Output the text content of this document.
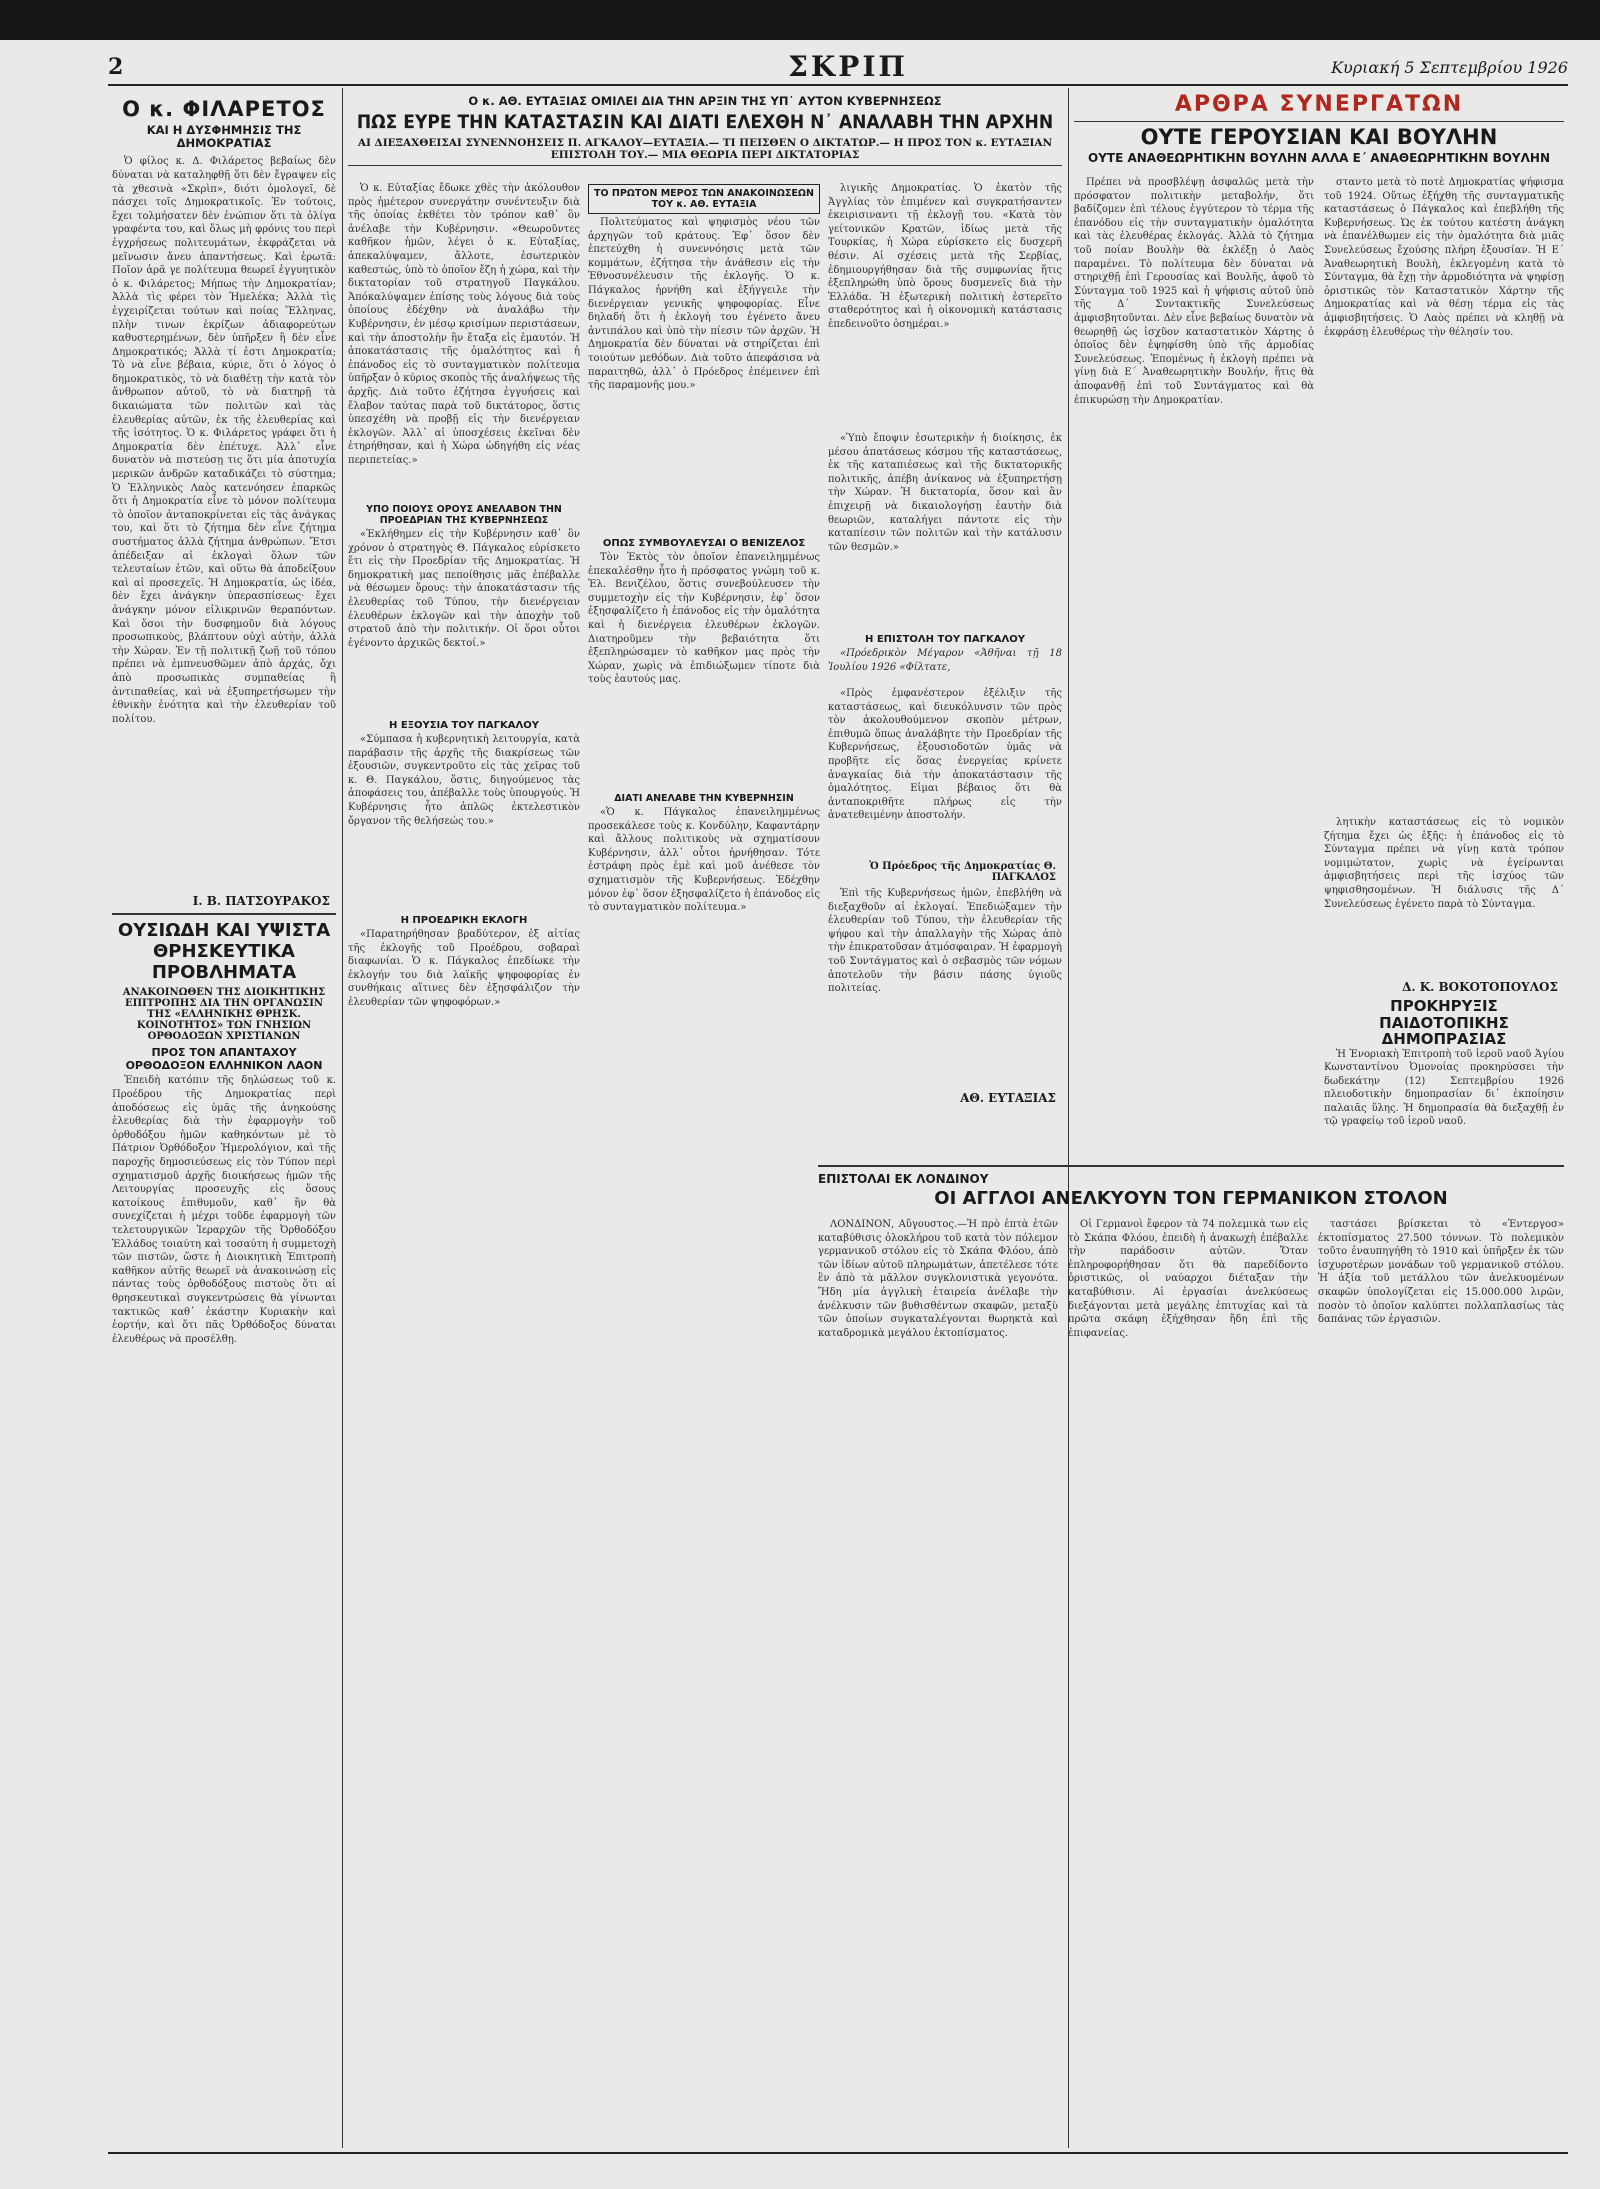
2	ΣΚΡΙΠ	Κυριακή 5 Σεπτεμβρίου 1926
Ο κ. ΦΙΛΑΡΕΤΟΣ
ΚΑΙ Η ΔΥΣΦΗΜΗΣΙΣ ΤΗΣ ΔΗΜΟΚΡΑΤΙΑΣ
Ὁ φίλος κ. Δ. Φιλάρετος βεβαίως δὲν δύναται νὰ καταληφθῇ ὅτι δὲν ἔγραψεν εἰς τὰ χθεσινὰ «Σκρὶπ», διότι ὁμολογεῖ, δὲ πάσχει τοῖς Δημοκρατικοῖς. Ἐν τούτοις, ἔχει τολμήσατεν δὲν ἐνώπιον ὅτι τὰ ὀλίγα γραφέντα του, καὶ ὅλως μὴ φρόνις του περὶ ἐγχρήσεως πολιτευμάτων, ἐκφράζεται νὰ μεῖνωσιν ἄνευ ἀπαντήσεως. Καὶ ἐρωτᾶ: Ποῖον ἀρᾶ γε πολίτευμα θεωρεῖ ἐγγυητικὸν ὁ κ. Φιλάρετος; Μήπως τὴν Δημοκρατίαν; Ἀλλὰ τὶς φέρει τὸν Ἡμελέκα; Ἀλλὰ τὶς ἐγχειρίζεται τούτων καὶ ποίας Ἕλληνας, πλὴν τινων ἐκρίζων ἀδιαφορεύτων καθυστερημένων, δὲν ὑπῆρξεν ἢ δὲν εἶνε Δημοκρατικός; Ἀλλὰ τί ἐστι Δημοκρατία; Τὸ νὰ εἶνε βέβαια, κύριε, ὅτι ὁ λόγος ὁ δημοκρατικὸς, τὸ νὰ διαθέτῃ τὴν κατὰ τὸν ἄνθρωπον αὐτοῦ, τὸ νὰ διατηρῇ τὰ δικαιώματα τῶν πολιτῶν καὶ τὰς ἐλευθερίας αὐτῶν, ἐκ τῆς ἐλευθερίας καὶ τῆς ἰσότητος. Ὁ κ. Φιλάρετος γράφει ὅτι ἡ Δημοκρατία δὲν ἐπέτυχε. Ἀλλ᾽ εἶνε δυνατὸν νὰ πιστεύσῃ τις ὅτι μία ἀποτυχία μερικῶν ἀνδρῶν καταδικάζει τὸ σύστημα; Ὁ Ἑλληνικὸς Λαὸς κατενόησεν ἐπαρκῶς ὅτι ἡ Δημοκρατία εἶνε τὸ μόνον πολίτευμα τὸ ὁποῖον ἀνταποκρίνεται εἰς τὰς ἀνάγκας του, καὶ ὅτι τὸ ζήτημα δὲν εἶνε ζήτημα συστήματος ἀλλὰ ζήτημα ἀνθρώπων. Ἔτσι ἀπέδειξαν αἱ ἐκλογαὶ ὅλων τῶν τελευταίων ἐτῶν, καὶ οὕτω θὰ ἀποδείξουν καὶ αἱ προσεχεῖς. Ἡ Δημοκρατία, ὡς ἰδέα, δὲν ἔχει ἀνάγκην ὑπερασπίσεως· ἔχει ἀνάγκην μόνον εἰλικρινῶν θεραπόντων. Καὶ ὅσοι τὴν δυσφημοῦν διὰ λόγους προσωπικοὺς, βλάπτουν οὐχὶ αὐτὴν, ἀλλὰ τὴν Χώραν. Ἐν τῇ πολιτικῇ ζωῇ τοῦ τόπου πρέπει νὰ ἐμπνευσθῶμεν ἀπὸ ἀρχάς, ὄχι ἀπὸ προσωπικὰς συμπαθείας ἢ ἀντιπαθείας, καὶ νὰ ἐξυπηρετήσωμεν τὴν ἐθνικὴν ἑνότητα καὶ τὴν ἐλευθερίαν τοῦ πολίτου.
Ι. Β. ΠΑΤΣΟΥΡΑΚΟΣ
ΟΥΣΙΩΔΗ ΚΑΙ ΥΨΙΣΤΑ ΘΡΗΣΚΕΥΤΙΚΑ ΠΡΟΒΛΗΜΑΤΑ
ΑΝΑΚΟΙΝΩΘΕΝ ΤΗΣ ΔΙΟΙΚΗΤΙΚΗΣ ΕΠΙΤΡΟΠΗΣ ΔΙΑ ΤΗΝ ΟΡΓΑΝΩΣΙΝ ΤΗΣ «ΕΛΛΗΝΙΚΗΣ ΘΡΗΣΚ. ΚΟΙΝΟΤΗΤΟΣ» ΤΩΝ ΓΝΗΣΙΩΝ ΟΡΘΟΔΟΞΩΝ ΧΡΙΣΤΙΑΝΩΝ
ΠΡΟΣ ΤΟΝ ΑΠΑΝΤΑΧΟΥ ΟΡΘΟΔΟΞΟΝ ΕΛΛΗΝΙΚΟΝ ΛΑΟΝ
Ἐπειδὴ κατόπιν τῆς δηλώσεως τοῦ κ. Προέδρου τῆς Δημοκρατίας περὶ ἀποδόσεως εἰς ὑμᾶς τῆς ἀνηκούσης ἐλευθερίας διὰ τὴν ἐφαρμογὴν τοῦ ὀρθοδόξου ἡμῶν καθηκόντων μὲ τὸ Πάτριον Ὀρθόδοξον Ἡμερολόγιον, καὶ τῆς παροχῆς δημοσιεύσεως εἰς τὸν Τύπον περὶ σχηματισμοῦ ἀρχῆς διοικήσεως ἡμῶν τῆς Λειτουργίας προσευχῆς εἰς ὅσους κατοίκους ἐπιθυμοῦν, καθ᾽ ἣν θὰ συνεχίζεται ἡ μέχρι τοῦδε ἐφαρμογὴ τῶν τελετουργικῶν Ἱεραρχῶν τῆς Ὀρθοδόξου Ἑλλάδος τοιαύτη καὶ τοσαύτη ἡ συμμετοχὴ τῶν πιστῶν, ὥστε ἡ Διοικητικὴ Ἐπιτροπὴ καθῆκον αὐτῆς θεωρεῖ νὰ ἀνακοινώσῃ εἰς πάντας τοὺς ὀρθοδόξους πιστοὺς ὅτι αἱ θρησκευτικαὶ συγκεντρώσεις θὰ γίνωνται τακτικῶς καθ᾽ ἑκάστην Κυριακὴν καὶ ἑορτήν, καὶ ὅτι πᾶς Ὀρθόδοξος δύναται ἐλευθέρως νὰ προσέλθῃ.
Ο κ. ΑΘ. ΕΥΤΑΞΙΑΣ ΟΜΙΛΕΙ ΔΙΑ ΤΗΝ ΑΡΞΙΝ ΤΗΣ ΥΠ᾽ ΑΥΤΟΝ ΚΥΒΕΡΝΗΣΕΩΣ
ΠΩΣ ΕΥΡΕ ΤΗΝ ΚΑΤΑΣΤΑΣΙΝ ΚΑΙ ΔΙΑΤΙ ΕΛΕΧΘΗ Ν᾽ ΑΝΑΛΑΒΗ ΤΗΝ ΑΡΧΗΝ
ΑΙ ΔΙΕΞΑΧΘΕΙΣΑΙ ΣΥΝΕΝΝΟΗΣΕΙΣ Π. ΑΓΚΑΛΟΥ—ΕΥΤΑΞΙΑ.— ΤΙ ΠΕΙΣΘΕΝ Ο ΔΙΚΤΑΤΩΡ.— Η ΠΡΟΣ ΤΟΝ κ. ΕΥΤΑΞΙΑΝ ΕΠΙΣΤΟΛΗ ΤΟΥ.— ΜΙΑ ΘΕΩΡΙΑ ΠΕΡΙ ΔΙΚΤΑΤΟΡΙΑΣ
Ὁ κ. Εὐταξίας ἔδωκε χθὲς τὴν ἀκόλουθον πρὸς ἡμέτερον συνεργάτην συνέντευξιν διὰ τῆς ὁποίας ἐκθέτει τὸν τρόπον καθ᾽ ὃν ἀνέλαβε τὴν Κυβέρνησιν. «Θεωροῦντες καθῆκον ἡμῶν, λέγει ὁ κ. Εὐταξίας, ἀπεκαλύψαμεν, ἄλλοτε, ἐσωτερικὸν καθεστώς, ὑπὸ τὸ ὁποῖον ἔζη ἡ χώρα, καὶ τὴν δικτατορίαν τοῦ στρατηγοῦ Παγκάλου. Ἀπόκαλύψαμεν ἐπίσης τοὺς λόγους διὰ τοὺς ὁποίους ἐδέχθην νὰ ἀναλάβω τὴν Κυβέρνησιν, ἐν μέσῳ κρισίμων περιστάσεων, καὶ τὴν ἀποστολὴν ἣν ἔταξα εἰς ἐμαυτόν. Ἡ ἀποκατάστασις τῆς ὁμαλότητος καὶ ἡ ἐπάνοδος εἰς τὸ συνταγματικὸν πολίτευμα ὑπῆρξαν ὁ κύριος σκοπὸς τῆς ἀναλήψεως τῆς ἀρχῆς. Διὰ τοῦτο ἐζήτησα ἐγγυήσεις καὶ ἔλαβον ταύτας παρὰ τοῦ δικτάτορος, ὅστις ὑπεσχέθη νὰ προβῇ εἰς τὴν διενέργειαν ἐκλογῶν. Ἀλλ᾽ αἱ ὑποσχέσεις ἐκεῖναι δὲν ἐτηρήθησαν, καὶ ἡ Χώρα ὡδηγήθη εἰς νέας περιπετείας.»
ΥΠΟ ΠΟΙΟΥΣ ΟΡΟΥΣ ΑΝΕΛΑΒΟΝ ΤΗΝ ΠΡΟΕΔΡΙΑΝ ΤΗΣ ΚΥΒΕΡΝΗΣΕΩΣ
«Ἐκλήθημεν εἰς τὴν Κυβέρνησιν καθ᾽ ὃν χρόνον ὁ στρατηγὸς Θ. Πάγκαλος εὑρίσκετο ἔτι εἰς τὴν Προεδρίαν τῆς Δημοκρατίας. Ἡ δημοκρατικὴ μας πεποίθησις μᾶς ἐπέβαλλε νὰ θέσωμεν ὅρους: τὴν ἀποκατάστασιν τῆς ἐλευθερίας τοῦ Τύπου, τὴν διενέργειαν ἐλευθέρων ἐκλογῶν καὶ τὴν ἀποχὴν τοῦ στρατοῦ ἀπὸ τὴν πολιτικήν. Οἱ ὅροι οὗτοι ἐγένοντο ἀρχικῶς δεκτοί.»
Η ΕΞΟΥΣΙΑ ΤΟΥ ΠΑΓΚΑΛΟΥ
«Σύμπασα ἡ κυβερνητικὴ λειτουργία, κατὰ παράβασιν τῆς ἀρχῆς τῆς διακρίσεως τῶν ἐξουσιῶν, συγκεντροῦτο εἰς τὰς χεῖρας τοῦ κ. Θ. Παγκάλου, ὅστις, διηγούμενος τὰς ἀποφάσεις του, ἀπέβαλλε τοὺς ὑπουργούς. Ἡ Κυβέρνησις ἦτο ἁπλῶς ἐκτελεστικὸν ὄργανον τῆς θελήσεώς του.»
Η ΠΡΟΕΔΡΙΚΗ ΕΚΛΟΓΗ
«Παρατηρήθησαν βραδύτερον, ἐξ αἰτίας τῆς ἐκλογῆς τοῦ Προέδρου, σοβαραὶ διαφωνίαι. Ὁ κ. Πάγκαλος ἐπεδίωκε τὴν ἐκλογήν του διὰ λαϊκῆς ψηφοφορίας ἐν συνθήκαις αἵτινες δὲν ἐξησφάλιζον τὴν ἐλευθερίαν τῶν ψηφοφόρων.»
ΤΟ ΠΡΩΤΟΝ ΜΕΡΟΣ ΤΩΝ ΑΝΑΚΟΙΝΩΣΕΩΝ ΤΟΥ κ. ΑΘ. ΕΥΤΑΞΙΑ
Πολιτεύματος καὶ ψηφισμὸς νέου τῶν ἀρχηγῶν τοῦ κράτους. Ἐφ᾽ ὅσον δὲν ἐπετεύχθη ἡ συνεννόησις μετὰ τῶν κομμάτων, ἐζήτησα τὴν ἀνάθεσιν εἰς τὴν Ἐθνοσυνέλευσιν τῆς ἐκλογῆς. Ὁ κ. Πάγκαλος ἠρνήθη καὶ ἐξήγγειλε τὴν διενέργειαν γενικῆς ψηφοφορίας. Εἶνε δηλαδή ὅτι ἡ ἐκλογὴ του ἐγένετο ἄνευ ἀντιπάλου καὶ ὑπὸ τὴν πίεσιν τῶν ἀρχῶν. Ἡ Δημοκρατία δὲν δύναται νὰ στηρίζεται ἐπὶ τοιούτων μεθόδων. Διὰ τοῦτο ἀπεφάσισα νὰ παραιτηθῶ, ἀλλ᾽ ὁ Πρόεδρος ἐπέμεινεν ἐπὶ τῆς παραμονῆς μου.»
ΟΠΩΣ ΣΥΜΒΟΥΛΕΥΣΑΙ Ο ΒΕΝΙΖΕΛΟΣ
Τὸν Ἐκτὸς τὸν ὁποῖον ἐπανειλημμένως ἐπεκαλέσθην ἦτο ἡ πρόσφατος γνώμη τοῦ κ. Ἐλ. Βενιζέλου, ὅστις συνεβούλευσεν τὴν συμμετοχὴν εἰς τὴν Κυβέρνησιν, ἐφ᾽ ὅσον ἐξησφαλίζετο ἡ ἐπάνοδος εἰς τὴν ὁμαλότητα καὶ ἡ διενέργεια ἐλευθέρων ἐκλογῶν. Διατηροῦμεν τὴν βεβαιότητα ὅτι ἐξεπληρώσαμεν τὸ καθῆκον μας πρὸς τὴν Χώραν, χωρὶς νὰ ἐπιδιώξωμεν τίποτε διὰ τοὺς ἑαυτούς μας.
ΔΙΑΤΙ ΑΝΕΛΑΒΕ ΤΗΝ ΚΥΒΕΡΝΗΣΙΝ
«Ὁ κ. Πάγκαλος ἐπανειλημμένως προσεκάλεσε τοὺς κ. Κονδύλην, Καφαντάρην καὶ ἄλλους πολιτικοὺς νὰ σχηματίσουν Κυβέρνησιν, ἀλλ᾽ οὗτοι ἠρνήθησαν. Τότε ἐστράφη πρὸς ἐμὲ καὶ μοῦ ἀνέθεσε τὸν σχηματισμὸν τῆς Κυβερνήσεως. Ἐδέχθην μόνον ἐφ᾽ ὅσον ἐξησφαλίζετο ἡ ἐπάνοδος εἰς τὸ συνταγματικὸν πολίτευμα.»
λιγικῆς Δημοκρατίας. Ὁ ἑκατὸν τῆς Ἀγγλίας τὸν ἐπιμένεν καὶ συγκρατήσαντεν ἐκειρισιναντι τῇ ἐκλογῇ του. «Κατὰ τὸν γείτονικῶν Κρατῶν, ἰδίως μετὰ τῆς Τουρκίας, ἡ Χώρα εὑρίσκετο εἰς δυσχερῆ θέσιν. Αἱ σχέσεις μετὰ τῆς Σερβίας, ἐδημιουργήθησαν διὰ τῆς συμφωνίας ἥτις ἐξεπληρώθη ὑπὸ ὅρους δυσμενεῖς διὰ τὴν Ἑλλάδα. Ἡ ἐξωτερικὴ πολιτικὴ ἐστερεῖτο σταθερότητος καὶ ἡ οἰκονομικὴ κατάστασις ἐπεδεινοῦτο ὁσημέραι.»
«Ὑπὸ ἔποψιν ἐσωτερικὴν ἡ διοίκησις, ἐκ μέσου ἀπατάσεως κόσμου τῆς καταστάσεως, ἐκ τῆς καταπιέσεως καὶ τῆς δικτατορικῆς πολιτικῆς, ἀπέβη ἀνίκανος νὰ ἐξυπηρετήσῃ τὴν Χώραν. Ἡ δικτατορία, ὅσον καὶ ἂν ἐπιχειρῇ νὰ δικαιολογήσῃ ἑαυτὴν διὰ θεωριῶν, καταλήγει πάντοτε εἰς τὴν καταπίεσιν τῶν πολιτῶν καὶ τὴν κατάλυσιν τῶν θεσμῶν.»
Η ΕΠΙΣΤΟΛΗ ΤΟΥ ΠΑΓΚΑΛΟΥ
«Πρόεδρικὸν Μέγαρον «Ἀθῆναι τῇ 18 Ἰουλίου 1926 «Φίλτατε,
«Πρὸς ἐμφανέστερον ἐξέλιξιν τῆς καταστάσεως, καὶ διευκόλυνσιν τῶν πρὸς τὸν ἀκολουθούμενον σκοπὸν μέτρων, ἐπιθυμῶ ὅπως ἀναλάβητε τὴν Προεδρίαν τῆς Κυβερνήσεως, ἐξουσιοδοτῶν ὑμᾶς νὰ προβῆτε εἰς ὅσας ἐνεργείας κρίνετε ἀναγκαίας διὰ τὴν ἀποκατάστασιν τῆς ὁμαλότητος. Εἰμαι βέβαιος ὅτι θὰ ἀνταποκριθῆτε πλήρως εἰς τὴν ἀνατεθειμένην ἀποστολήν.
Ὁ Πρόεδρος τῆς Δημοκρατίας Θ. ΠΑΓΚΑΛΟΣ
Ἐπὶ τῆς Κυβερνήσεως ἡμῶν, ἐπεβλήθη νὰ διεξαχθοῦν αἱ ἐκλογαί. Ἐπεδιώξαμεν τὴν ἐλευθερίαν τοῦ Τύπου, τὴν ἐλευθερίαν τῆς ψήφου καὶ τὴν ἀπαλλαγὴν τῆς Χώρας ἀπὸ τὴν ἐπικρατοῦσαν ἀτμόσφαιραν. Ἡ ἐφαρμογὴ τοῦ Συντάγματος καὶ ὁ σεβασμὸς τῶν νόμων ἀποτελοῦν τὴν βάσιν πάσης ὑγιοῦς πολιτείας.
ΑΘ. ΕΥΤΑΞΙΑΣ
ΑΡΘΡΑ ΣΥΝΕΡΓΑΤΩΝ
ΟΥΤΕ ΓΕΡΟΥΣΙΑΝ ΚΑΙ ΒΟΥΛΗΝ
ΟΥΤΕ ΑΝΑΘΕΩΡΗΤΙΚΗΝ ΒΟΥΛΗΝ ΑΛΛΑ Ε΄ ΑΝΑΘΕΩΡΗΤΙΚΗΝ ΒΟΥΛΗΝ
Πρέπει νὰ προσβλέψῃ ἀσφαλῶς μετὰ τὴν πρόσφατον πολιτικὴν μεταβολήν, ὅτι βαδίζομεν ἐπὶ τέλους ἐγγύτερον τὸ τέρμα τῆς ἐπανόδου εἰς τὴν συνταγματικὴν ὁμαλότητα καὶ τὰς ἐλευθέρας ἐκλογάς. Ἀλλὰ τὸ ζήτημα τοῦ ποίαν Βουλὴν θὰ ἐκλέξῃ ὁ Λαὸς παραμένει. Τὸ πολίτευμα δὲν δύναται νὰ στηριχθῇ ἐπὶ Γερουσίας καὶ Βουλῆς, ἀφοῦ τὸ Σύνταγμα τοῦ 1925 καὶ ἡ ψήφισις αὐτοῦ ὑπὸ τῆς Δ΄ Συντακτικῆς Συνελεύσεως ἀμφισβητοῦνται. Δὲν εἶνε βεβαίως δυνατὸν νὰ θεωρηθῇ ὡς ἰσχῦον καταστατικὸν Χάρτης ὁ ὁποῖος δὲν ἐψηφίσθη ὑπὸ τῆς ἀρμοδίας Συνελεύσεως. Ἐπομένως ἡ ἐκλογὴ πρέπει νὰ γίνῃ διὰ Ε΄ Ἀναθεωρητικὴν Βουλήν, ἥτις θὰ ἀποφανθῇ ἐπὶ τοῦ Συντάγματος καὶ θὰ ἐπικυρώσῃ τὴν Δημοκρατίαν.
σταντο μετὰ τὸ ποτὲ Δημοκρατίας ψήφισμα τοῦ 1924. Οὕτως ἐξήχθη τῆς συνταγματικῆς καταστάσεως ὁ Πάγκαλος καὶ ἐπεβλήθη τῆς Κυβερνήσεως. Ὡς ἐκ τούτου κατέστη ἀνάγκη νὰ ἐπανέλθωμεν εἰς τὴν ὁμαλότητα διὰ μιᾶς Συνελεύσεως ἔχούσης πλήρη ἐξουσίαν. Ἡ Ε΄ Ἀναθεωρητικὴ Βουλὴ, ἐκλεγομένη κατὰ τὸ Σύνταγμα, θὰ ἔχῃ τὴν ἁρμοδιότητα νὰ ψηφίσῃ ὁριστικῶς τὸν Καταστατικὸν Χάρτην τῆς Δημοκρατίας καὶ νὰ θέσῃ τέρμα εἰς τὰς ἀμφισβητήσεις. Ὁ Λαὸς πρέπει νὰ κληθῇ νὰ ἐκφράσῃ ἐλευθέρως τὴν θέλησίν του.
λητικὴν καταστάσεως εἰς τὸ νομικὸν ζήτημα ἔχει ὡς ἑξῆς: ἡ ἐπάνοδος εἰς τὸ Σύνταγμα πρέπει νὰ γίνῃ κατὰ τρόπον νομιμώτατον, χωρὶς νὰ ἐγείρωνται ἀμφισβητήσεις περὶ τῆς ἰσχύος τῶν ψηφισθησομένων. Ἡ διάλυσις τῆς Δ΄ Συνελεύσεως ἐγένετο παρὰ τὸ Σύνταγμα.
Δ. Κ. ΒΟΚΟΤΟΠΟΥΛΟΣ
ΠΡΟΚΗΡΥΞΙΣ ΠΑΙΔΟΤΟΠΙΚΗΣ ΔΗΜΟΠΡΑΣΙΑΣ
Ἡ Ἐνοριακὴ Ἐπιτροπὴ τοῦ ἱεροῦ ναοῦ Ἁγίου Κωνσταντίνου Ὀμονοίας προκηρύσσει τὴν δωδεκάτην (12) Σεπτεμβρίου 1926 πλειοδοτικὴν δημοπρασίαν δι᾽ ἐκποίησιν παλαιᾶς ὕλης. Ἡ δημοπρασία θὰ διεξαχθῇ ἐν τῷ γραφείῳ τοῦ ἱεροῦ ναοῦ.
ΕΠΙΣΤΟΛΑΙ ΕΚ ΛΟΝΔΙΝΟΥ
ΟΙ ΑΓΓΛΟΙ ΑΝΕΛΚΥΟΥΝ ΤΟΝ ΓΕΡΜΑΝΙΚΟΝ ΣΤΟΛΟΝ
ΛΟΝΔΙΝΟΝ, Αὔγουστος.—Ἡ πρὸ ἑπτὰ ἐτῶν καταβύθισις ὁλοκλήρου τοῦ κατὰ τὸν πόλεμον γερμανικοῦ στόλου εἰς τὸ Σκάπα Φλόου, ἀπὸ τῶν ἰδίων αὐτοῦ πληρωμάτων, ἀπετέλεσε τότε ἓν ἀπὸ τὰ μᾶλλον συγκλονιστικὰ γεγονότα. Ἤδη μία ἀγγλικὴ ἑταιρεία ἀνέλαβε τὴν ἀνέλκυσιν τῶν βυθισθέντων σκαφῶν, μεταξὺ τῶν ὁποίων συγκαταλέγονται θωρηκτὰ καὶ καταδρομικὰ μεγάλου ἐκτοπίσματος.
Οἱ Γερμανοὶ ἔφερον τὰ 74 πολεμικὰ των εἰς τὸ Σκάπα Φλόου, ἐπειδὴ ἡ ἀνακωχὴ ἐπέβαλλε τὴν παράδοσιν αὐτῶν. Ὅταν ἐπληροφορήθησαν ὅτι θὰ παρεδίδοντο ὁριστικῶς, οἱ ναύαρχοι διέταξαν τὴν καταβύθισιν. Αἱ ἐργασίαι ἀνελκύσεως διεξάγονται μετὰ μεγάλης ἐπιτυχίας καὶ τὰ πρῶτα σκάφη ἐξήχθησαν ἤδη ἐπὶ τῆς ἐπιφανείας.
ταστάσει βρίσκεται τὸ «Ἐντεργοσ» ἐκτοπίσματος 27.500 τόννων. Τὸ πολεμικὸν τοῦτο ἐναυπηγήθη τὸ 1910 καὶ ὑπῆρξεν ἐκ τῶν ἰσχυροτέρων μονάδων τοῦ γερμανικοῦ στόλου. Ἡ ἀξία τοῦ μετάλλου τῶν ἀνελκυομένων σκαφῶν ὑπολογίζεται εἰς 15.000.000 λιρῶν, ποσὸν τὸ ὁποῖον καλύπτει πολλαπλασίως τὰς δαπάνας τῶν ἐργασιῶν.
